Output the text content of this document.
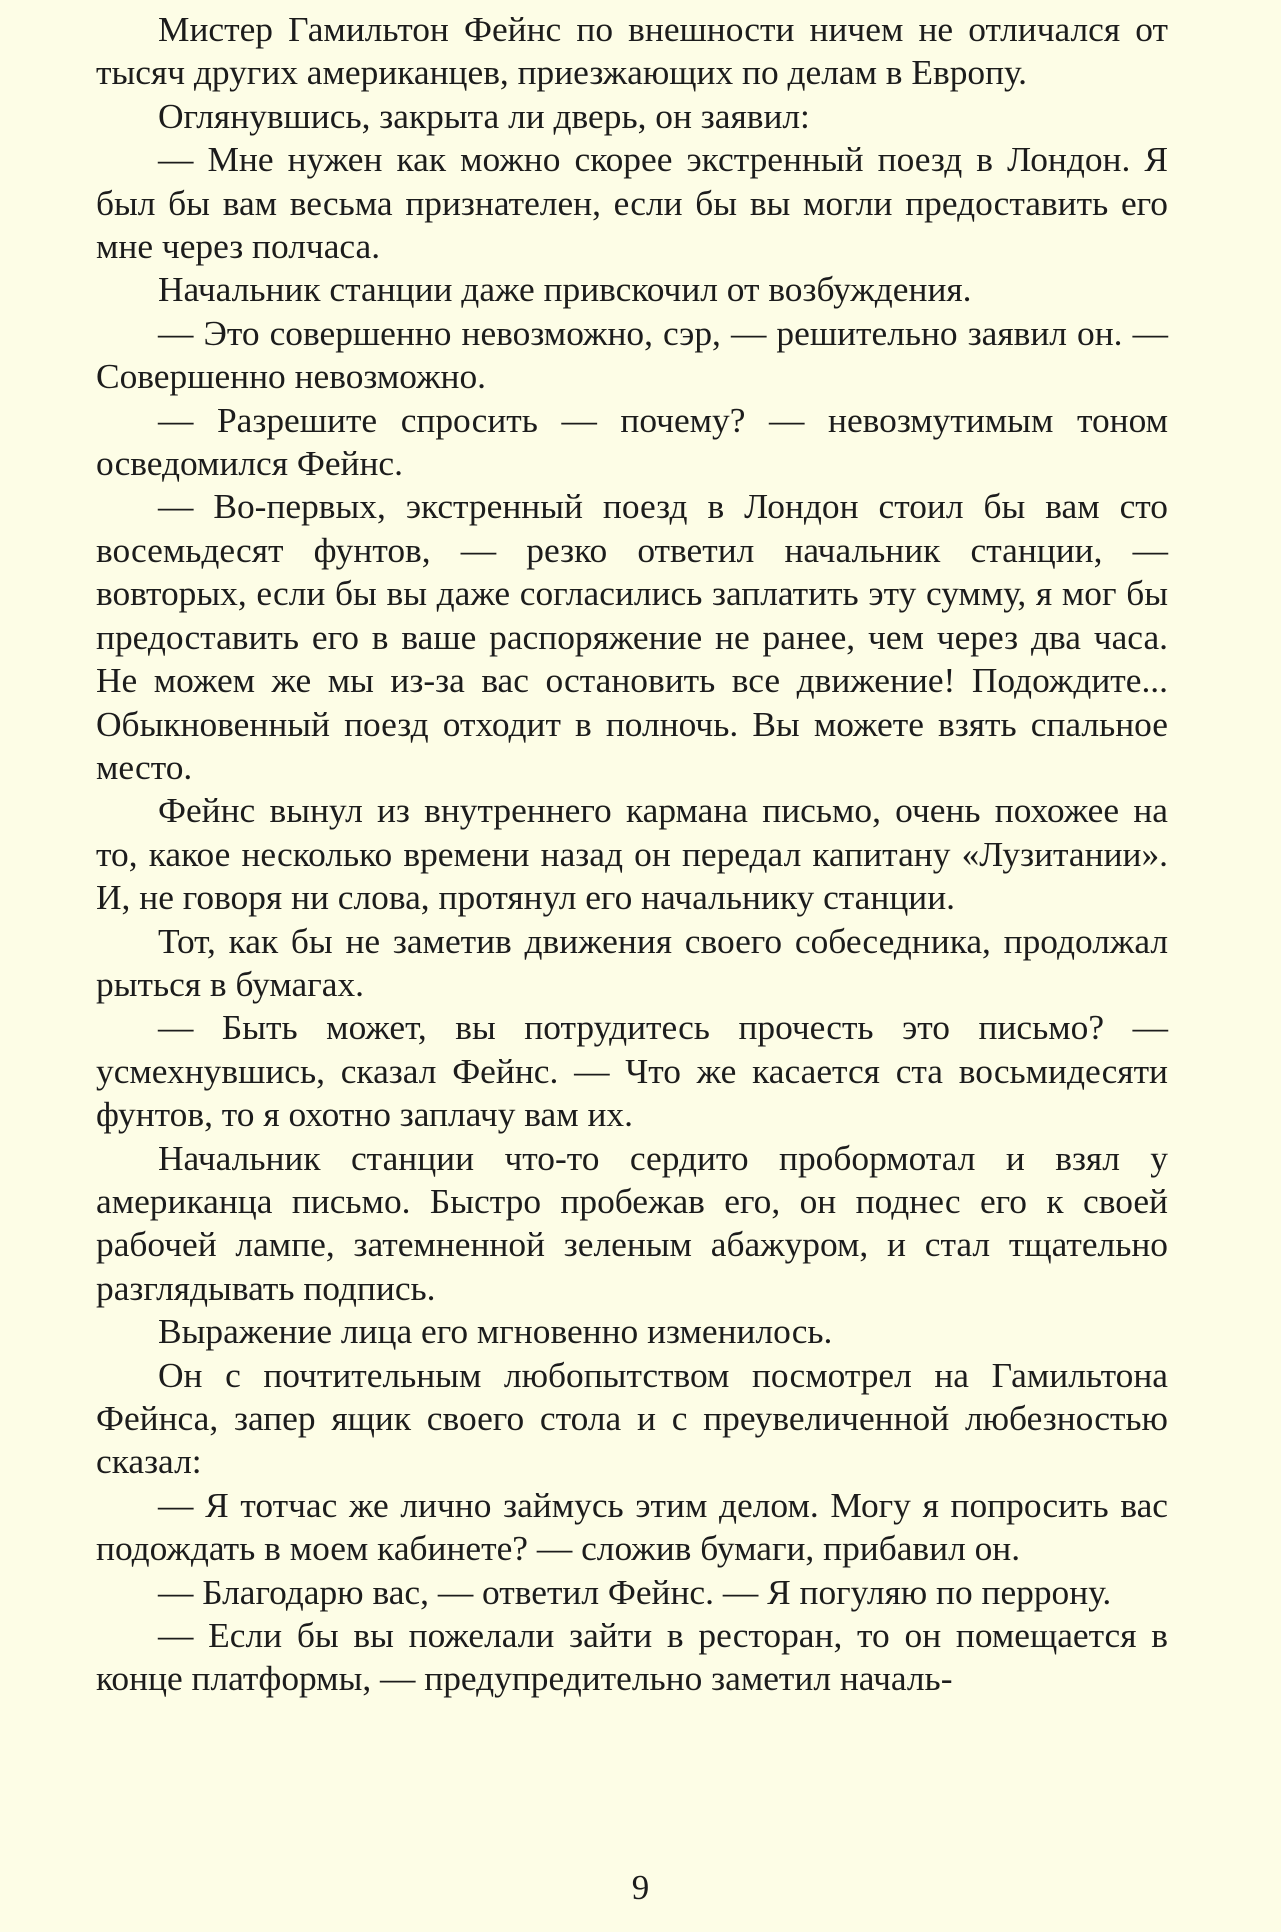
Мистер Гамильтон Фейнс по внешности ничем не отличался от тысяч других американцев, приезжающих по делам в Европу.

Оглянувшись, закрыта ли дверь, он заявил:

— Мне нужен как можно скорее экстренный поезд в Лондон. Я был бы вам весьма признателен, если бы вы могли предоставить его мне через полчаса.

Начальник станции даже привскочил от возбуждения.

— Это совершенно невозможно, сэр, — решительно заявил он. — Совершенно невозможно.

— Разрешите спросить — почему? — невозмутимым тоном осведомился Фейнс.

— Во-первых, экстренный поезд в Лондон стоил бы вам сто восемьдесят фунтов, — резко ответил начальник станции, — вовторых, если бы вы даже согласились заплатить эту сумму, я мог бы предоставить его в ваше распоряжение не ранее, чем через два часа. Не можем же мы из-за вас остановить все движение! Подождите... Обыкновенный поезд отходит в полночь. Вы можете взять спальное место.

Фейнс вынул из внутреннего кармана письмо, очень похожее на то, какое несколько времени назад он передал капитану «Лузитании». И, не говоря ни слова, протянул его начальнику станции.

Тот, как бы не заметив движения своего собеседника, продолжал рыться в бумагах.

— Быть может, вы потрудитесь прочесть это письмо? — усмехнувшись, сказал Фейнс. — Что же касается ста восьмидесяти фунтов, то я охотно заплачу вам их.

Начальник станции что-то сердито пробормотал и взял у американца письмо. Быстро пробежав его, он поднес его к своей рабочей лампе, затемненной зеленым абажуром, и стал тщательно разглядывать подпись.

Выражение лица его мгновенно изменилось.

Он с почтительным любопытством посмотрел на Гамильтона Фейнса, запер ящик своего стола и с преувеличенной любезностью сказал:

— Я тотчас же лично займусь этим делом. Могу я попросить вас подождать в моем кабинете? — сложив бумаги, прибавил он.

— Благодарю вас, — ответил Фейнс. — Я погуляю по перрону.

— Если бы вы пожелали зайти в ресторан, то он помещается в конце платформы, — предупредительно заметил началь-

9
